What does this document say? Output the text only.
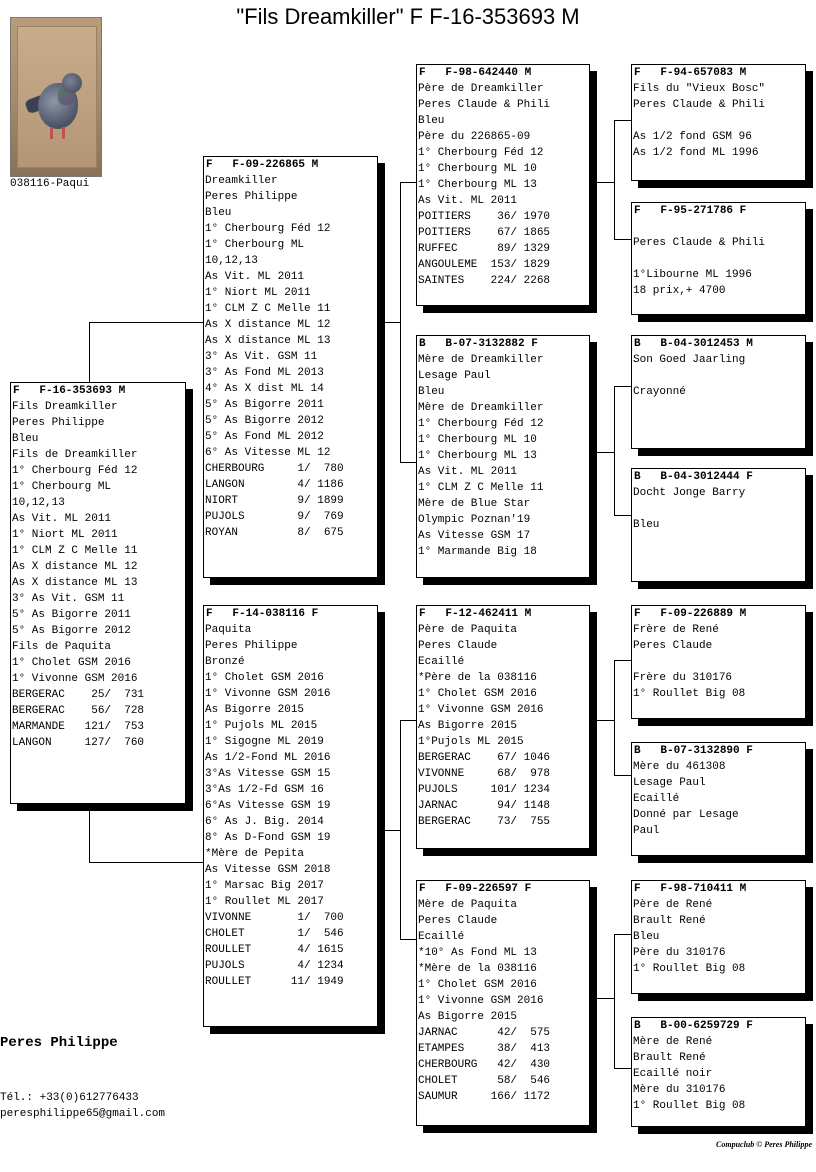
"Fils Dreamkiller" F F-16-353693 M
038116-Paqui
F   F-16-353693 M
Fils Dreamkiller
Peres Philippe
Bleu
Fils de Dreamkiller
1° Cherbourg Féd 12
1° Cherbourg ML
10,12,13
As Vit. ML 2011
1° Niort ML 2011
1° CLM Z C Melle 11
As X distance ML 12
As X distance ML 13
3° As Vit. GSM 11
5° As Bigorre 2011
5° As Bigorre 2012
Fils de Paquita
1° Cholet GSM 2016
1° Vivonne GSM 2016
BERGERAC    25/  731
BERGERAC    56/  728
MARMANDE   121/  753
LANGON     127/  760
F   F-09-226865 M
Dreamkiller
Peres Philippe
Bleu
1° Cherbourg Féd 12
1° Cherbourg ML
10,12,13
As Vit. ML 2011
1° Niort ML 2011
1° CLM Z C Melle 11
As X distance ML 12
As X distance ML 13
3° As Vit. GSM 11
3° As Fond ML 2013
4° As X dist ML 14
5° As Bigorre 2011
5° As Bigorre 2012
5° As Fond ML 2012
6° As Vitesse ML 12
CHERBOURG     1/  780
LANGON        4/ 1186
NIORT         9/ 1899
PUJOLS        9/  769
ROYAN         8/  675
F   F-14-038116 F
Paquita
Peres Philippe
Bronzé
1° Cholet GSM 2016
1° Vivonne GSM 2016
As Bigorre 2015
1° Pujols ML 2015
1° Sigogne ML 2019
As 1/2-Fond ML 2016
3°As Vitesse GSM 15
3°As 1/2-Fd GSM 16
6°As Vitesse GSM 19
6° As J. Big. 2014
8° As D-Fond GSM 19
*Mère de Pepita
As Vitesse GSM 2018
1° Marsac Big 2017
1° Roullet ML 2017
VIVONNE       1/  700
CHOLET        1/  546
ROULLET       4/ 1615
PUJOLS        4/ 1234
ROULLET      11/ 1949
F   F-98-642440 M
Père de Dreamkiller
Peres Claude & Phili
Bleu
Père du 226865-09
1° Cherbourg Féd 12
1° Cherbourg ML 10
1° Cherbourg ML 13
As Vit. ML 2011
POITIERS    36/ 1970
POITIERS    67/ 1865
RUFFEC      89/ 1329
ANGOULEME  153/ 1829
SAINTES    224/ 2268
B   B-07-3132882 F
Mère de Dreamkiller
Lesage Paul
Bleu
Mère de Dreamkiller
1° Cherbourg Féd 12
1° Cherbourg ML 10
1° Cherbourg ML 13
As Vit. ML 2011
1° CLM Z C Melle 11
Mère de Blue Star
Olympic Poznan'19
As Vitesse GSM 17
1° Marmande Big 18
F   F-12-462411 M
Père de Paquita
Peres Claude
Ecaillé
*Père de la 038116
1° Cholet GSM 2016
1° Vivonne GSM 2016
As Bigorre 2015
1°Pujols ML 2015
BERGERAC    67/ 1046
VIVONNE     68/  978
PUJOLS     101/ 1234
JARNAC      94/ 1148
BERGERAC    73/  755
F   F-09-226597 F
Mère de Paquita
Peres Claude
Ecaillé
*10° As Fond ML 13
*Mère de la 038116
1° Cholet GSM 2016
1° Vivonne GSM 2016
As Bigorre 2015
JARNAC      42/  575
ETAMPES     38/  413
CHERBOURG   42/  430
CHOLET      58/  546
SAUMUR     166/ 1172
F   F-94-657083 M
Fils du "Vieux Bosc"
Peres Claude & Phili
As 1/2 fond GSM 96
As 1/2 fond ML 1996
F   F-95-271786 F
Peres Claude & Phili
1°Libourne ML 1996
18 prix,+ 4700
B   B-04-3012453 M
Son Goed Jaarling
Crayonné
B   B-04-3012444 F
Docht Jonge Barry
Bleu
F   F-09-226889 M
Frère de René
Peres Claude
Frère du 310176
1° Roullet Big 08
B   B-07-3132890 F
Mère du 461308
Lesage Paul
Ecaillé
Donné par Lesage
Paul
F   F-98-710411 M
Père de René
Brault René
Bleu
Père du 310176
1° Roullet Big 08
B   B-00-6259729 F
Mère de René
Brault René
Ecaillé noir
Mère du 310176
1° Roullet Big 08
Peres Philippe
Tél.: +33(0)612776433
peresphilippe65@gmail.com
Compuclub © Peres Philippe
